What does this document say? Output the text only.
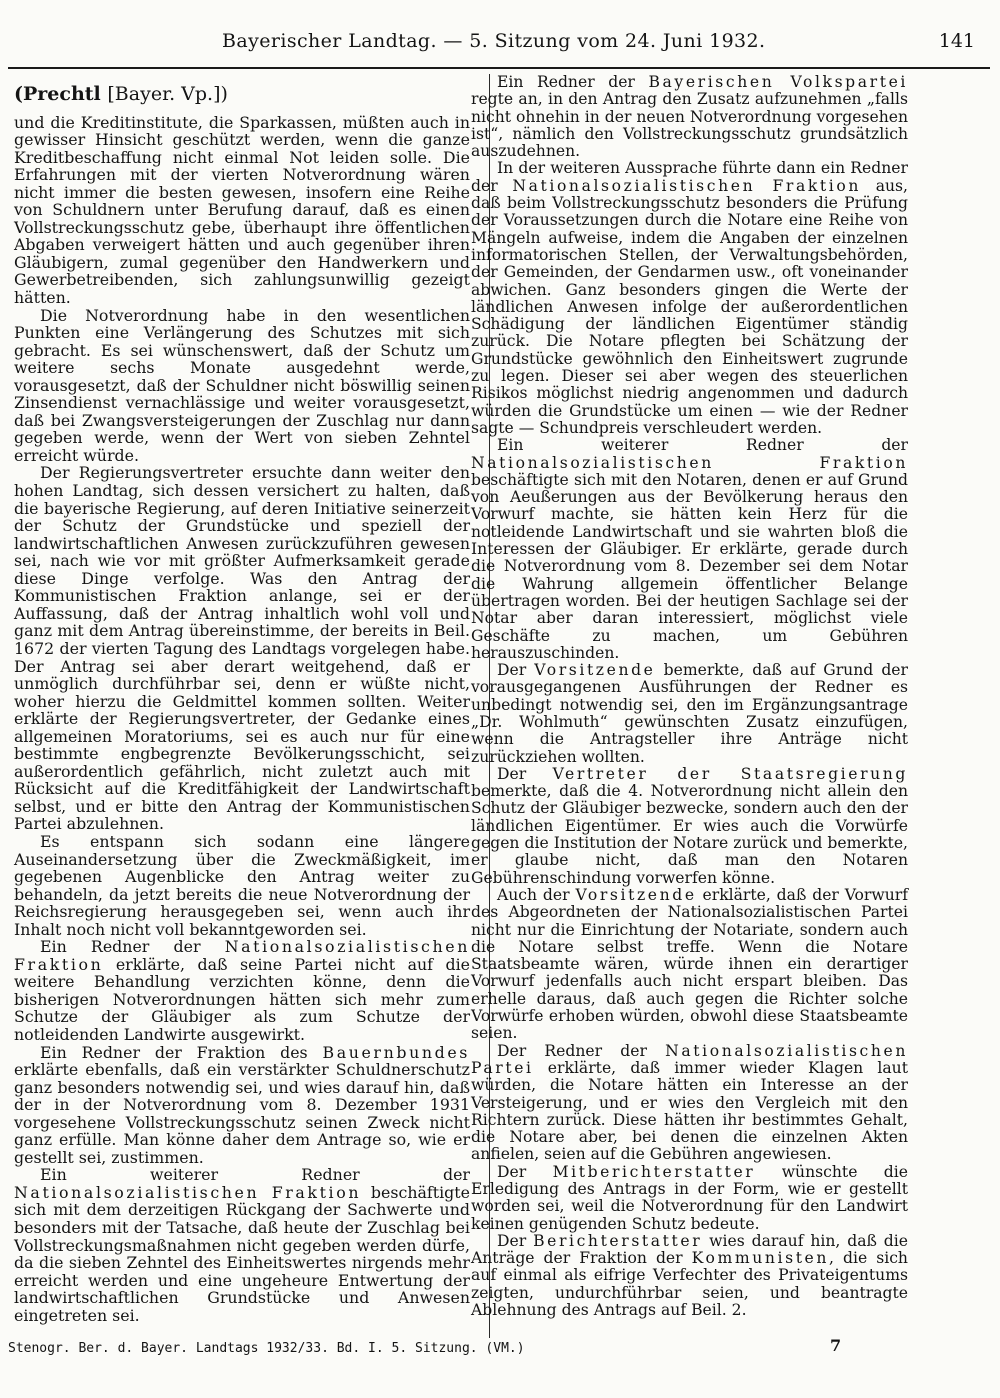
Bayerischer Landtag. — 5. Sitzung vom 24. Juni 1932.	141
(Prechtl [Bayer. Vp.])

und die Kreditinstitute, die Sparkassen, müßten auch in gewisser Hinsicht geschützt werden, wenn die ganze Kreditbeschaffung nicht einmal Not leiden solle. Die Erfahrungen mit der vierten Notverordnung wären nicht immer die besten gewesen, insofern eine Reihe von Schuldnern unter Berufung darauf, daß es einen Vollstreckungsschutz gebe, überhaupt ihre öffentlichen Abgaben verweigert hätten und auch gegenüber ihren Gläubigern, zumal gegenüber den Handwerkern und Gewerbetreibenden, sich zahlungsunwillig gezeigt hätten.

Die Notverordnung habe in den wesentlichen Punkten eine Verlängerung des Schutzes mit sich gebracht. Es sei wünschenswert, daß der Schutz um weitere sechs Monate ausgedehnt werde, vorausgesetzt, daß der Schuldner nicht böswillig seinen Zinsendienst vernachlässige und weiter vorausgesetzt, daß bei Zwangsversteigerungen der Zuschlag nur dann gegeben werde, wenn der Wert von sieben Zehntel erreicht würde.

Der Regierungsvertreter ersuchte dann weiter den hohen Landtag, sich dessen versichert zu halten, daß die bayerische Regierung, auf deren Initiative seinerzeit der Schutz der Grundstücke und speziell der landwirtschaftlichen Anwesen zurückzuführen gewesen sei, nach wie vor mit größter Aufmerksamkeit gerade diese Dinge verfolge. Was den Antrag der Kommunistischen Fraktion anlange, sei er der Auffassung, daß der Antrag inhaltlich wohl voll und ganz mit dem Antrag übereinstimme, der bereits in Beil. 1672 der vierten Tagung des Landtags vorgelegen habe. Der Antrag sei aber derart weitgehend, daß er unmöglich durchführbar sei, denn er wüßte nicht, woher hierzu die Geldmittel kommen sollten. Weiter erklärte der Regierungsvertreter, der Gedanke eines allgemeinen Moratoriums, sei es auch nur für eine bestimmte engbegrenzte Bevölkerungsschicht, sei außerordentlich gefährlich, nicht zuletzt auch mit Rücksicht auf die Kreditfähigkeit der Landwirtschaft selbst, und er bitte den Antrag der Kommunistischen Partei abzulehnen.

Es entspann sich sodann eine längere Auseinandersetzung über die Zweckmäßigkeit, im gegebenen Augenblicke den Antrag weiter zu behandeln, da jetzt bereits die neue Notverordnung der Reichsregierung herausgegeben sei, wenn auch ihr Inhalt noch nicht voll bekanntgeworden sei.

Ein Redner der Nationalsozialistischen Fraktion erklärte, daß seine Partei nicht auf die weitere Behandlung verzichten könne, denn die bisherigen Notverordnungen hätten sich mehr zum Schutze der Gläubiger als zum Schutze der notleidenden Landwirte ausgewirkt.

Ein Redner der Fraktion des Bauernbundes erklärte ebenfalls, daß ein verstärkter Schuldnerschutz ganz besonders notwendig sei, und wies darauf hin, daß der in der Notverordnung vom 8. Dezember 1931 vorgesehene Vollstreckungsschutz seinen Zweck nicht ganz erfülle. Man könne daher dem Antrage so, wie er gestellt sei, zustimmen.

Ein weiterer Redner der Nationalsozialistischen Fraktion beschäftigte sich mit dem derzeitigen Rückgang der Sachwerte und besonders mit der Tatsache, daß heute der Zuschlag bei Vollstreckungsmaßnahmen nicht gegeben werden dürfe, da die sieben Zehntel des Einheitswertes nirgends mehr erreicht werden und eine ungeheure Entwertung der landwirtschaftlichen Grundstücke und Anwesen eingetreten sei.

Ein Redner der Bayerischen Volkspartei regte an, in den Antrag den Zusatz aufzunehmen „falls nicht ohnehin in der neuen Notverordnung vorgesehen ist“, nämlich den Vollstreckungsschutz grundsätzlich auszudehnen.

In der weiteren Aussprache führte dann ein Redner der Nationalsozialistischen Fraktion aus, daß beim Vollstreckungsschutz besonders die Prüfung der Voraussetzungen durch die Notare eine Reihe von Mängeln aufweise, indem die Angaben der einzelnen informatorischen Stellen, der Verwaltungsbehörden, der Gemeinden, der Gendarmen usw., oft voneinander abwichen. Ganz besonders gingen die Werte der ländlichen Anwesen infolge der außerordentlichen Schädigung der ländlichen Eigentümer ständig zurück. Die Notare pflegten bei Schätzung der Grundstücke gewöhnlich den Einheitswert zugrunde zu legen. Dieser sei aber wegen des steuerlichen Risikos möglichst niedrig angenommen und dadurch würden die Grundstücke um einen — wie der Redner sagte — Schundpreis verschleudert werden.

Ein weiterer Redner der Nationalsozialistischen Fraktion beschäftigte sich mit den Notaren, denen er auf Grund von Aeußerungen aus der Bevölkerung heraus den Vorwurf machte, sie hätten kein Herz für die notleidende Landwirtschaft und sie wahrten bloß die Interessen der Gläubiger. Er erklärte, gerade durch die Notverordnung vom 8. Dezember sei dem Notar die Wahrung allgemein öffentlicher Belange übertragen worden. Bei der heutigen Sachlage sei der Notar aber daran interessiert, möglichst viele Geschäfte zu machen, um Gebühren herauszuschinden.

Der Vorsitzende bemerkte, daß auf Grund der vorausgegangenen Ausführungen der Redner es unbedingt notwendig sei, den im Ergänzungsantrage „Dr. Wohlmuth“ gewünschten Zusatz einzufügen, wenn die Antragsteller ihre Anträge nicht zurückziehen wollten.

Der Vertreter der Staatsregierung bemerkte, daß die 4. Notverordnung nicht allein den Schutz der Gläubiger bezwecke, sondern auch den der ländlichen Eigentümer. Er wies auch die Vorwürfe gegen die Institution der Notare zurück und bemerkte, er glaube nicht, daß man den Notaren Gebührenschindung vorwerfen könne.

Auch der Vorsitzende erklärte, daß der Vorwurf des Abgeordneten der Nationalsozialistischen Partei nicht nur die Einrichtung der Notariate, sondern auch die Notare selbst treffe. Wenn die Notare Staatsbeamte wären, würde ihnen ein derartiger Vorwurf jedenfalls auch nicht erspart bleiben. Das erhelle daraus, daß auch gegen die Richter solche Vorwürfe erhoben würden, obwohl diese Staatsbeamte seien.

Der Redner der Nationalsozialistischen Partei erklärte, daß immer wieder Klagen laut würden, die Notare hätten ein Interesse an der Versteigerung, und er wies den Vergleich mit den Richtern zurück. Diese hätten ihr bestimmtes Gehalt, die Notare aber, bei denen die einzelnen Akten anfielen, seien auf die Gebühren angewiesen.

Der Mitberichterstatter wünschte die Erledigung des Antrags in der Form, wie er gestellt worden sei, weil die Notverordnung für den Landwirt keinen genügenden Schutz bedeute.

Der Berichterstatter wies darauf hin, daß die Anträge der Fraktion der Kommunisten, die sich auf einmal als eifrige Verfechter des Privateigentums zeigten, undurchführbar seien, und beantragte Ablehnung des Antrags auf Beil. 2.

Stenogr. Ber. d. Bayer. Landtags 1932/33. Bd. I. 5. Sitzung. (VM.)	7
